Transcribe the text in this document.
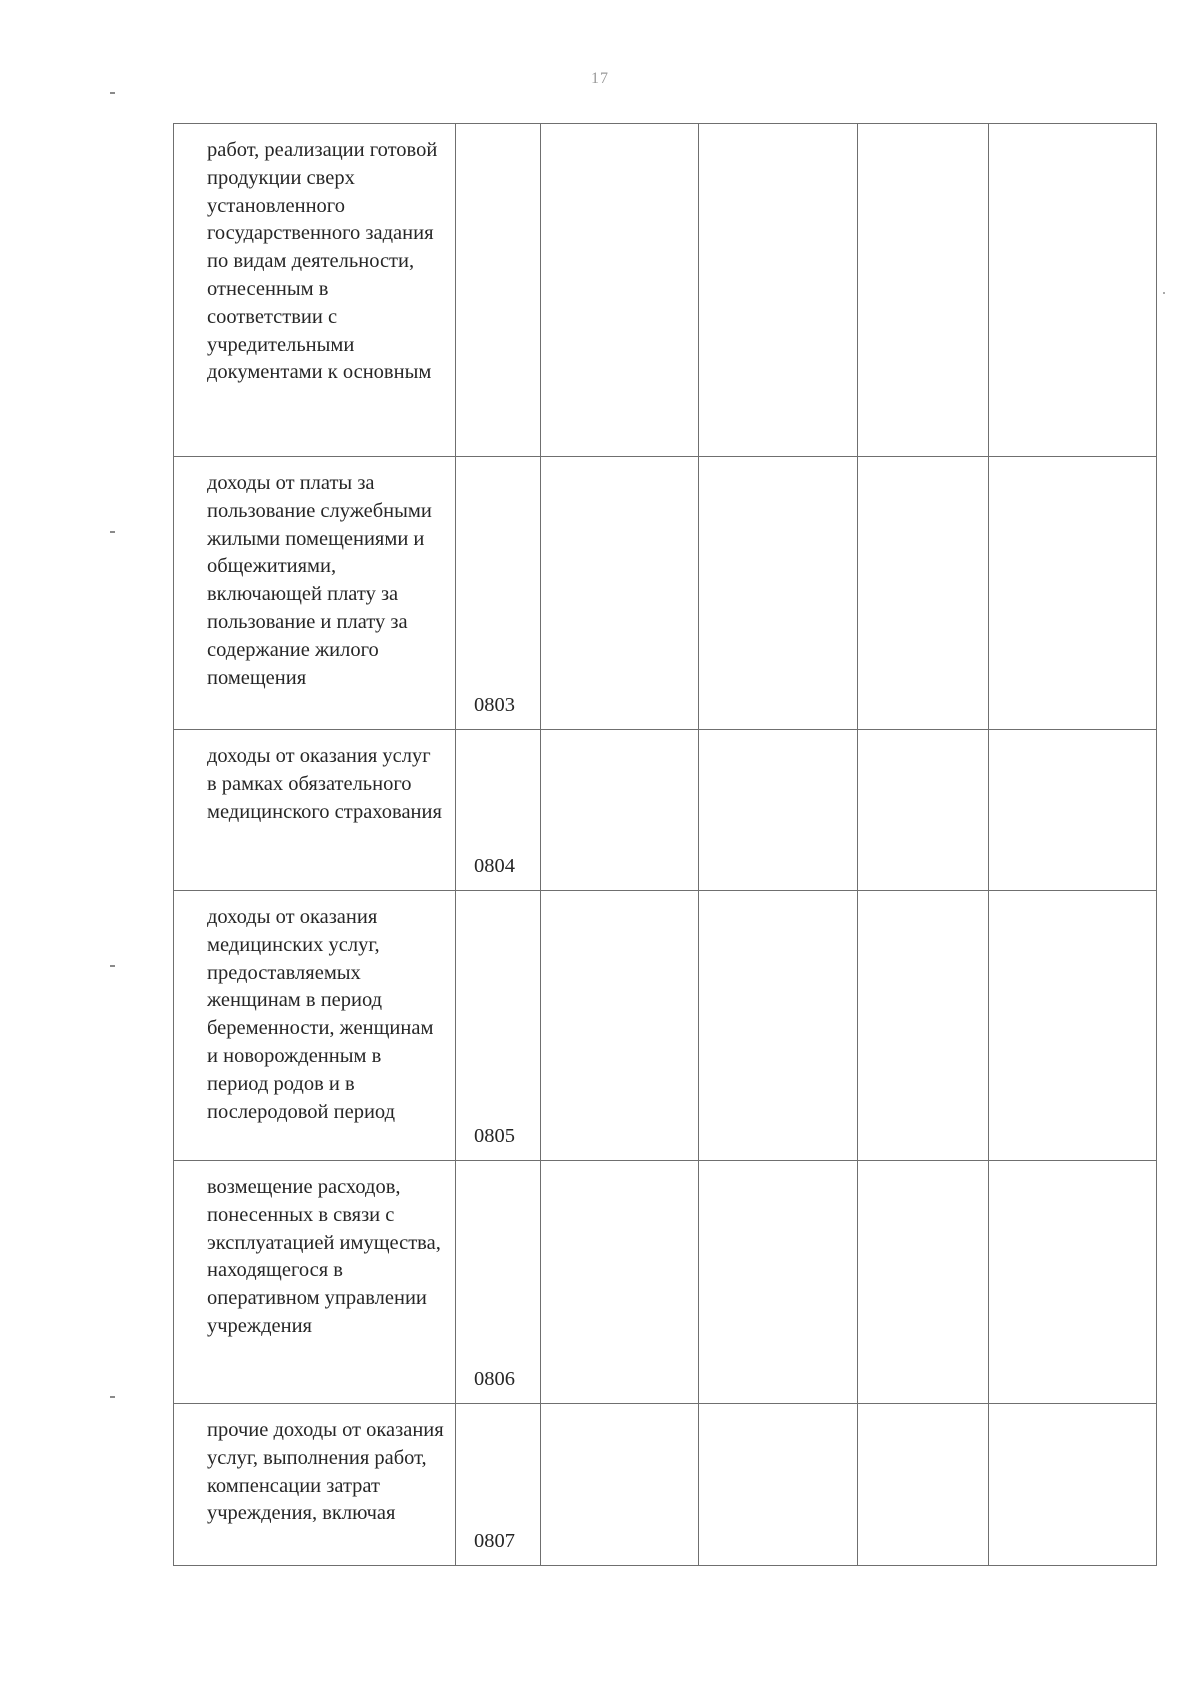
17
работ, реализации готовой продукции сверх установленного государственного задания по видам деятельности, отнесенным в соответствии с учредительными документами к основным					
доходы от платы за пользование служебными жилыми помещениями и общежитиями, включающей плату за пользование и плату за содержание жилого помещения	0803				
доходы от оказания услуг в рамках обязательного медицинского страхования	0804				
доходы от оказания медицинских услуг, предоставляемых женщинам в период беременности, женщинам и новорожденным в период родов и в послеродовой период	0805				
возмещение расходов, понесенных в связи с эксплуатацией имущества, находящегося в оперативном управлении учреждения	0806				
прочие доходы от оказания услуг, выполнения работ, компенсации затрат учреждения, включая	0807				
